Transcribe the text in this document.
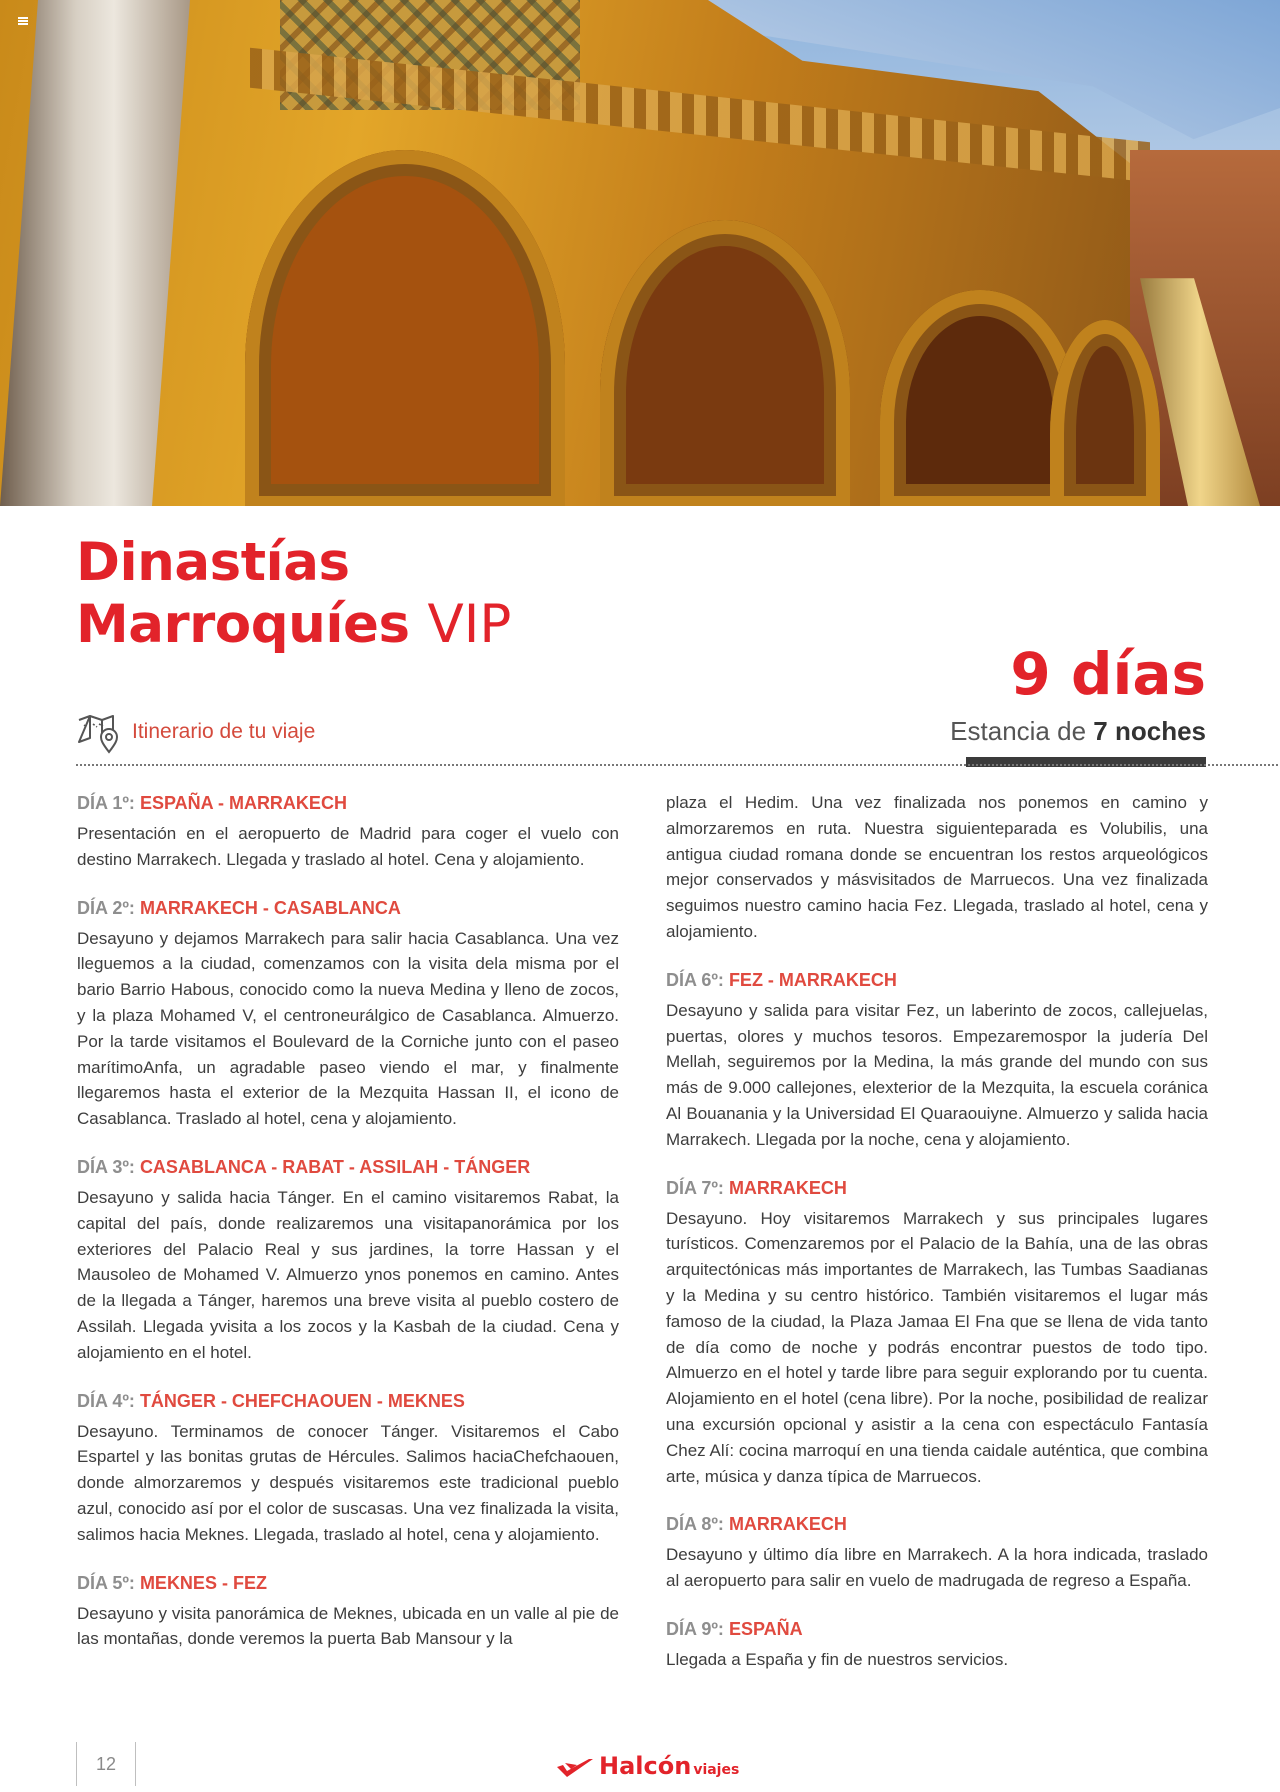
Dinastías
Marroquíes VIP
9 días
Estancia de 7 noches
Itinerario de tu viaje
DÍA 1º: ESPAÑA - MARRAKECH

Presentación en el aeropuerto de Madrid para coger el vuelo con destino Marrakech. Llegada y traslado al hotel. Cena y alojamiento.

DÍA 2º: MARRAKECH - CASABLANCA

Desayuno y dejamos Marrakech para salir hacia Casablanca. Una vez lleguemos a la ciudad, comenzamos con la visita dela misma por el bario Barrio Habous, conocido como la nueva Medina y lleno de zocos, y la plaza Mohamed V, el centroneurálgico de Casablanca. Almuerzo. Por la tarde visitamos el Boulevard de la Corniche junto con el paseo marítimoAnfa, un agradable paseo viendo el mar, y finalmente llegaremos hasta el exterior de la Mezquita Hassan II, el icono de Casablanca. Traslado al hotel, cena y alojamiento.

DÍA 3º: CASABLANCA - RABAT - ASSILAH - TÁNGER

Desayuno y salida hacia Tánger. En el camino visitaremos Rabat, la capital del país, donde realizaremos una visitapanorámica por los exteriores del Palacio Real y sus jardines, la torre Hassan y el Mausoleo de Mohamed V. Almuerzo ynos ponemos en camino. Antes de la llegada a Tánger, haremos una breve visita al pueblo costero de Assilah. Llegada yvisita a los zocos y la Kasbah de la ciudad. Cena y alojamiento en el hotel.

DÍA 4º: TÁNGER - CHEFCHAOUEN - MEKNES

Desayuno. Terminamos de conocer Tánger. Visitaremos el Cabo Espartel y las bonitas grutas de Hércules. Salimos haciaChefchaouen, donde almorzaremos y después visitaremos este tradicional pueblo azul, conocido así por el color de suscasas. Una vez finalizada la visita, salimos hacia Meknes. Llegada, traslado al hotel, cena y alojamiento.

DÍA 5º: MEKNES - FEZ

Desayuno y visita panorámica de Meknes, ubicada en un valle al pie de las montañas, donde veremos la puerta Bab Mansour y la

plaza el Hedim. Una vez finalizada nos ponemos en camino y almorzaremos en ruta. Nuestra siguienteparada es Volubilis, una antigua ciudad romana donde se encuentran los restos arqueológicos mejor conservados y másvisitados de Marruecos. Una vez finalizada seguimos nuestro camino hacia Fez. Llegada, traslado al hotel, cena y alojamiento.

DÍA 6º: FEZ - MARRAKECH

Desayuno y salida para visitar Fez, un laberinto de zocos, callejuelas, puertas, olores y muchos tesoros. Empezaremospor la judería Del Mellah, seguiremos por la Medina, la más grande del mundo con sus más de 9.000 callejones, elexterior de la Mezquita, la escuela coránica Al Bouanania y la Universidad El Quaraouiyne. Almuerzo y salida hacia Marrakech. Llegada por la noche, cena y alojamiento.

DÍA 7º: MARRAKECH

Desayuno. Hoy visitaremos Marrakech y sus principales lugares turísticos. Comenzaremos por el Palacio de la Bahía, una de las obras arquitectónicas más importantes de Marrakech, las Tumbas Saadianas y la Medina y su centro histórico. También visitaremos el lugar más famoso de la ciudad, la Plaza Jamaa El Fna que se llena de vida tanto de día como de noche y podrás encontrar puestos de todo tipo. Almuerzo en el hotel y tarde libre para seguir explorando por tu cuenta. Alojamiento en el hotel (cena libre). Por la noche, posibilidad de realizar una excursión opcional y asistir a la cena con espectáculo Fantasía Chez Alí: cocina marroquí en una tienda caidale auténtica, que combina arte, música y danza típica de Marruecos.

DÍA 8º: MARRAKECH

Desayuno y último día libre en Marrakech. A la hora indicada, traslado al aeropuerto para salir en vuelo de madrugada de regreso a España.

DÍA 9º: ESPAÑA

Llegada a España y fin de nuestros servicios.

12	Halcón viajes
